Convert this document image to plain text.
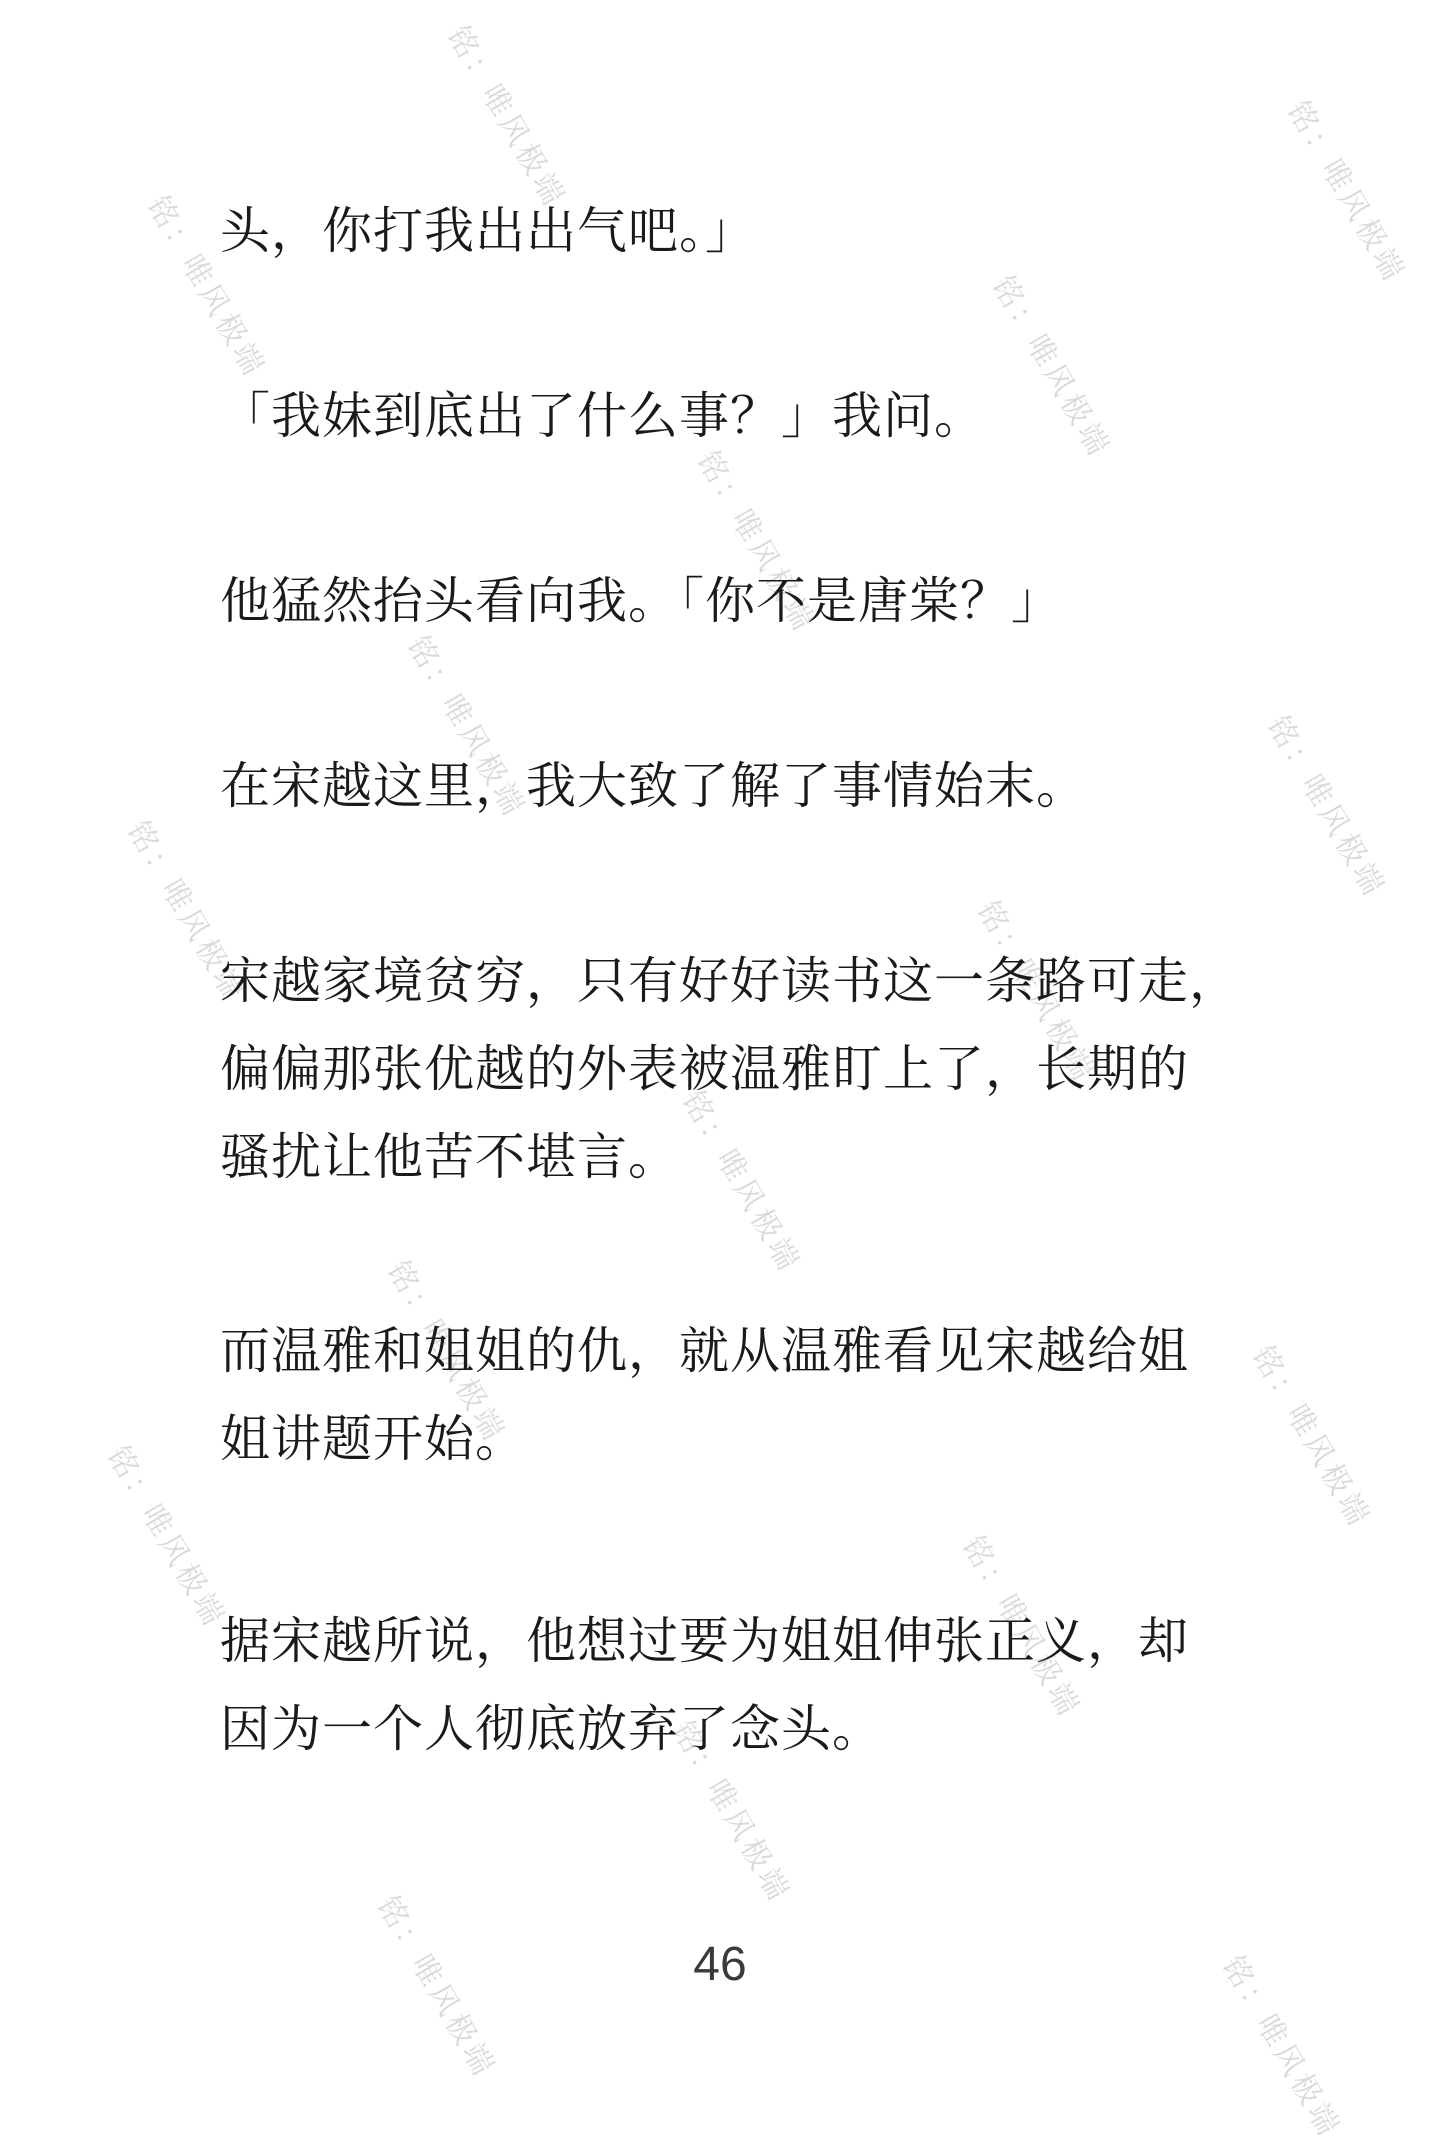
铭：唯风极端	铭：唯风极端
铭：唯风极端	铭：唯风极端
铭：唯风极端
铭：唯风极端	铭：唯风极端
铭：唯风极端	铭：唯风极端
铭：唯风极端
铭：唯风极端	铭：唯风极端
铭：唯风极端	铭：唯风极端
铭：唯风极端
铭：唯风极端	铭：唯风极端

头，你打我出出气吧。」

「我妹到底出了什么事？」我问。

他猛然抬头看向我。「你不是唐棠？」

在宋越这里，我大致了解了事情始末。

宋越家境贫穷，只有好好读书这一条路可走，
偏偏那张优越的外表被温雅盯上了，长期的
骚扰让他苦不堪言。

而温雅和姐姐的仇，就从温雅看见宋越给姐
姐讲题开始。

据宋越所说，他想过要为姐姐伸张正义，却
因为一个人彻底放弃了念头。

46
